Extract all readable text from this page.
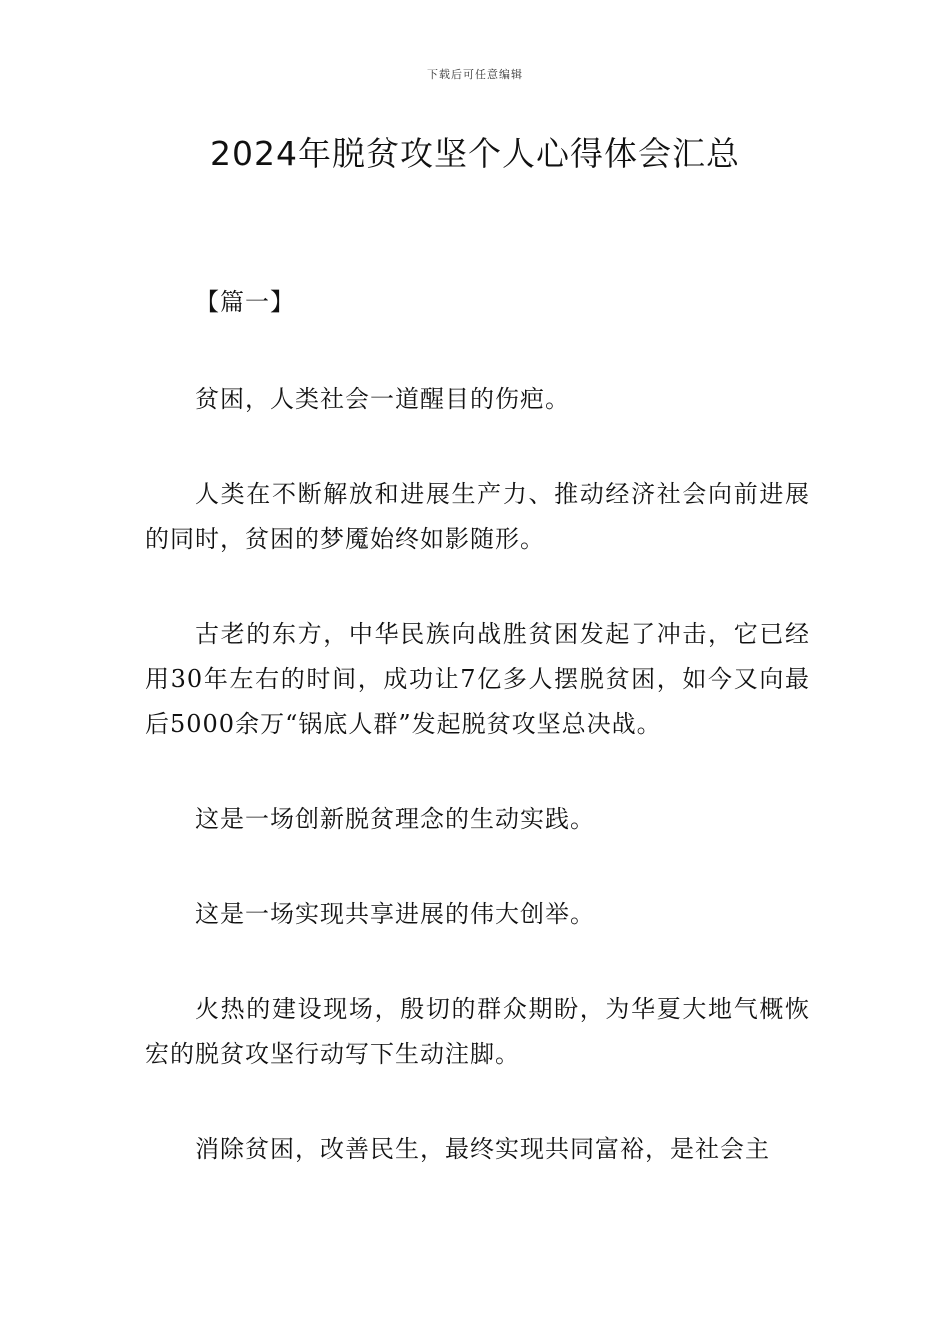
下载后可任意编辑
2024年脱贫攻坚个人心得体会汇总

【篇一】

贫困，人类社会一道醒目的伤疤。

人类在不断解放和进展生产力、推动经济社会向前进展的同时，贫困的梦魇始终如影随形。

古老的东方，中华民族向战胜贫困发起了冲击，它已经用30年左右的时间，成功让7亿多人摆脱贫困，如今又向最后5000余万“锅底人群”发起脱贫攻坚总决战。

这是一场创新脱贫理念的生动实践。

这是一场实现共享进展的伟大创举。

火热的建设现场，殷切的群众期盼，为华夏大地气概恢宏的脱贫攻坚行动写下生动注脚。

消除贫困，改善民生，最终实现共同富裕，是社会主
